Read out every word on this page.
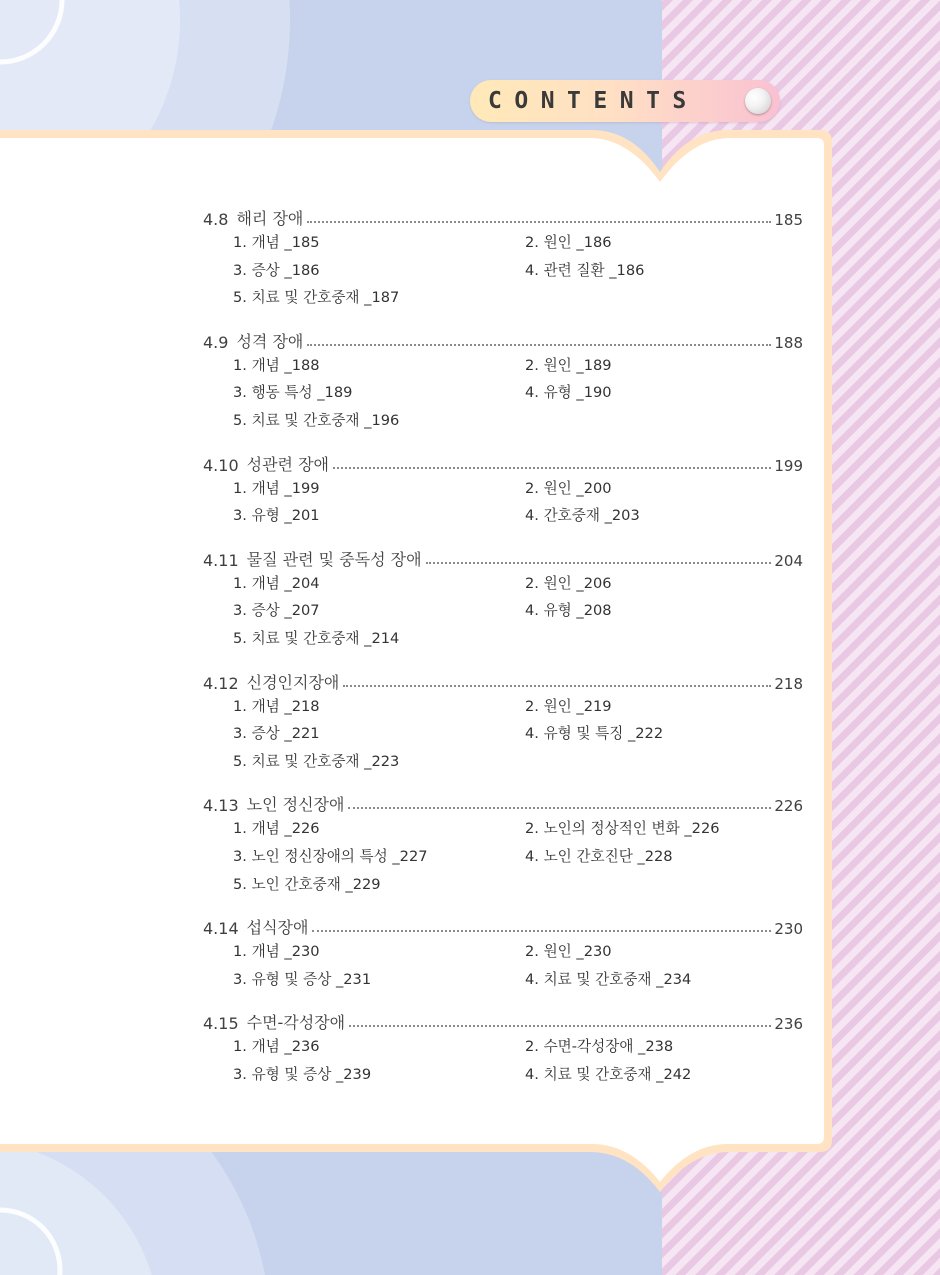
CONTENTS
4.8 해리 장애	185
1. 개념 _185	2. 원인 _186
3. 증상 _186	4. 관련 질환 _186
5. 치료 및 간호중재 _187
4.9 성격 장애	188
1. 개념 _188	2. 원인 _189
3. 행동 특성 _189	4. 유형 _190
5. 치료 및 간호중재 _196
4.10 성관련 장애	199
1. 개념 _199	2. 원인 _200
3. 유형 _201	4. 간호중재 _203
4.11 물질 관련 및 중독성 장애	204
1. 개념 _204	2. 원인 _206
3. 증상 _207	4. 유형 _208
5. 치료 및 간호중재 _214
4.12 신경인지장애	218
1. 개념 _218	2. 원인 _219
3. 증상 _221	4. 유형 및 특징 _222
5. 치료 및 간호중재 _223
4.13 노인 정신장애	226
1. 개념 _226	2. 노인의 정상적인 변화 _226
3. 노인 정신장애의 특성 _227	4. 노인 간호진단 _228
5. 노인 간호중재 _229
4.14 섭식장애	230
1. 개념 _230	2. 원인 _230
3. 유형 및 증상 _231	4. 치료 및 간호중재 _234
4.15 수면-각성장애	236
1. 개념 _236	2. 수면-각성장애 _238
3. 유형 및 증상 _239	4. 치료 및 간호중재 _242
